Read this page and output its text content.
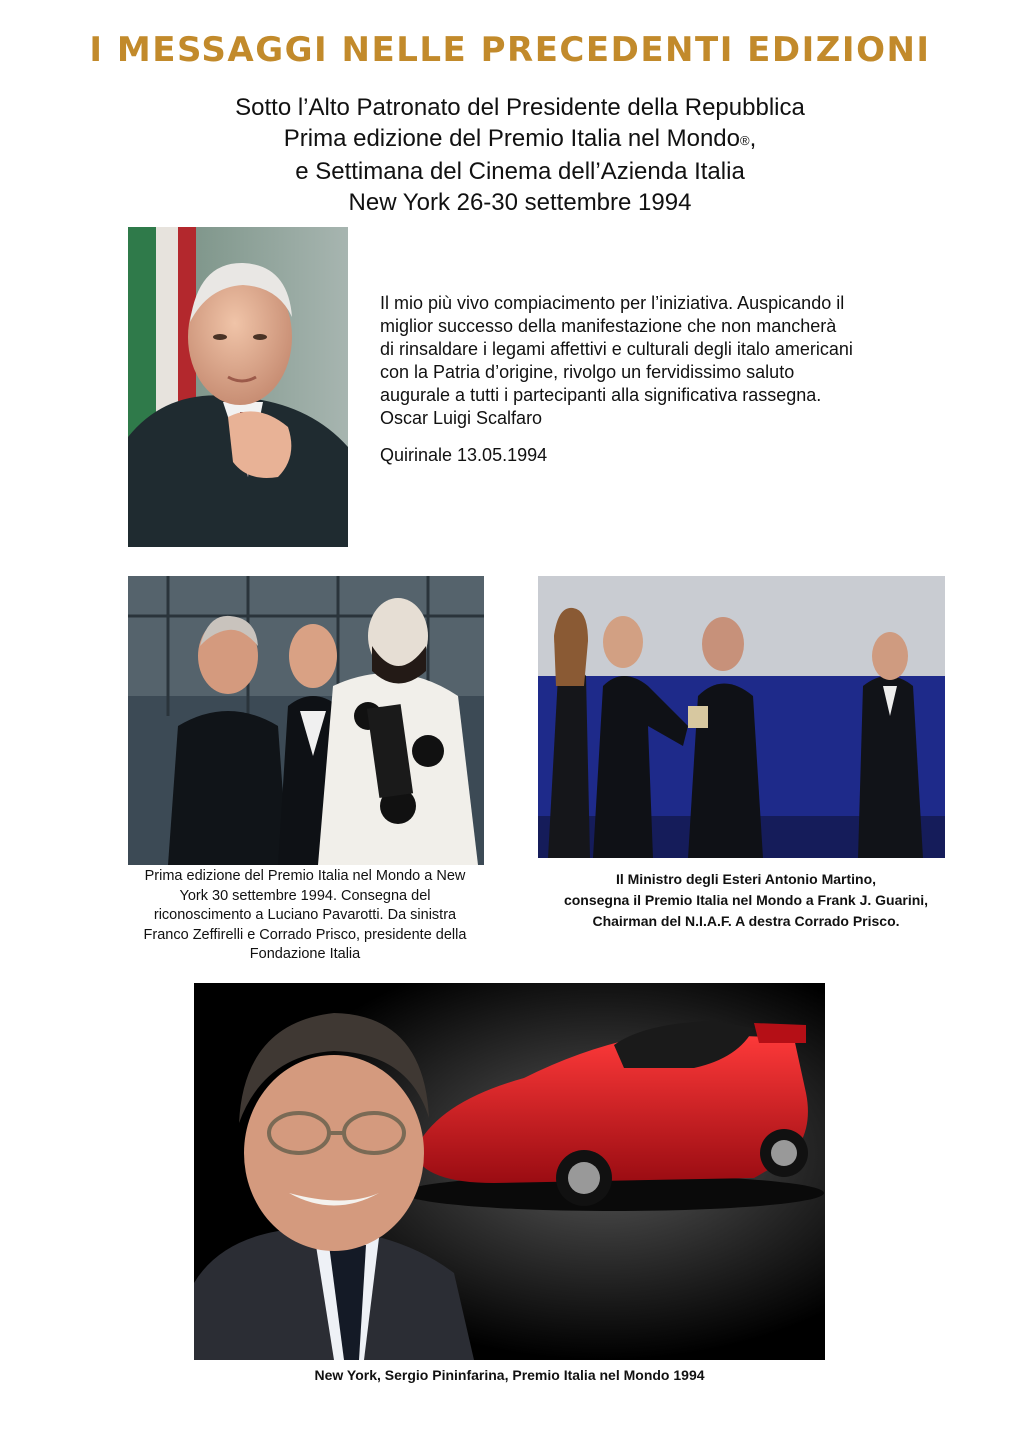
I MESSAGGI NELLE PRECEDENTI EDIZIONI
Sotto l’Alto Patronato del Presidente della Repubblica
Prima edizione del Premio Italia nel Mondo®,
e Settimana del Cinema dell’Azienda Italia
New York 26-30 settembre 1994

Il mio più vivo compiacimento per l’iniziativa. Auspicando il

miglior successo della manifestazione che non mancherà

di rinsaldare i legami affettivi e culturali degli italo americani

con la Patria d’origine, rivolgo un fervidissimo saluto

augurale a tutti i partecipanti alla significativa rassegna.

Oscar Luigi Scalfaro

Quirinale 13.05.1994

Prima edizione del Premio Italia nel Mondo a New
York 30 settembre 1994. Consegna del
riconoscimento a Luciano Pavarotti. Da sinistra
Franco Zeffirelli e Corrado Prisco, presidente della
Fondazione Italia
Il Ministro degli Esteri Antonio Martino,
consegna il Premio Italia nel Mondo a Frank J. Guarini,
Chairman del N.I.A.F. A destra Corrado Prisco.
New York, Sergio Pininfarina, Premio Italia nel Mondo 1994
